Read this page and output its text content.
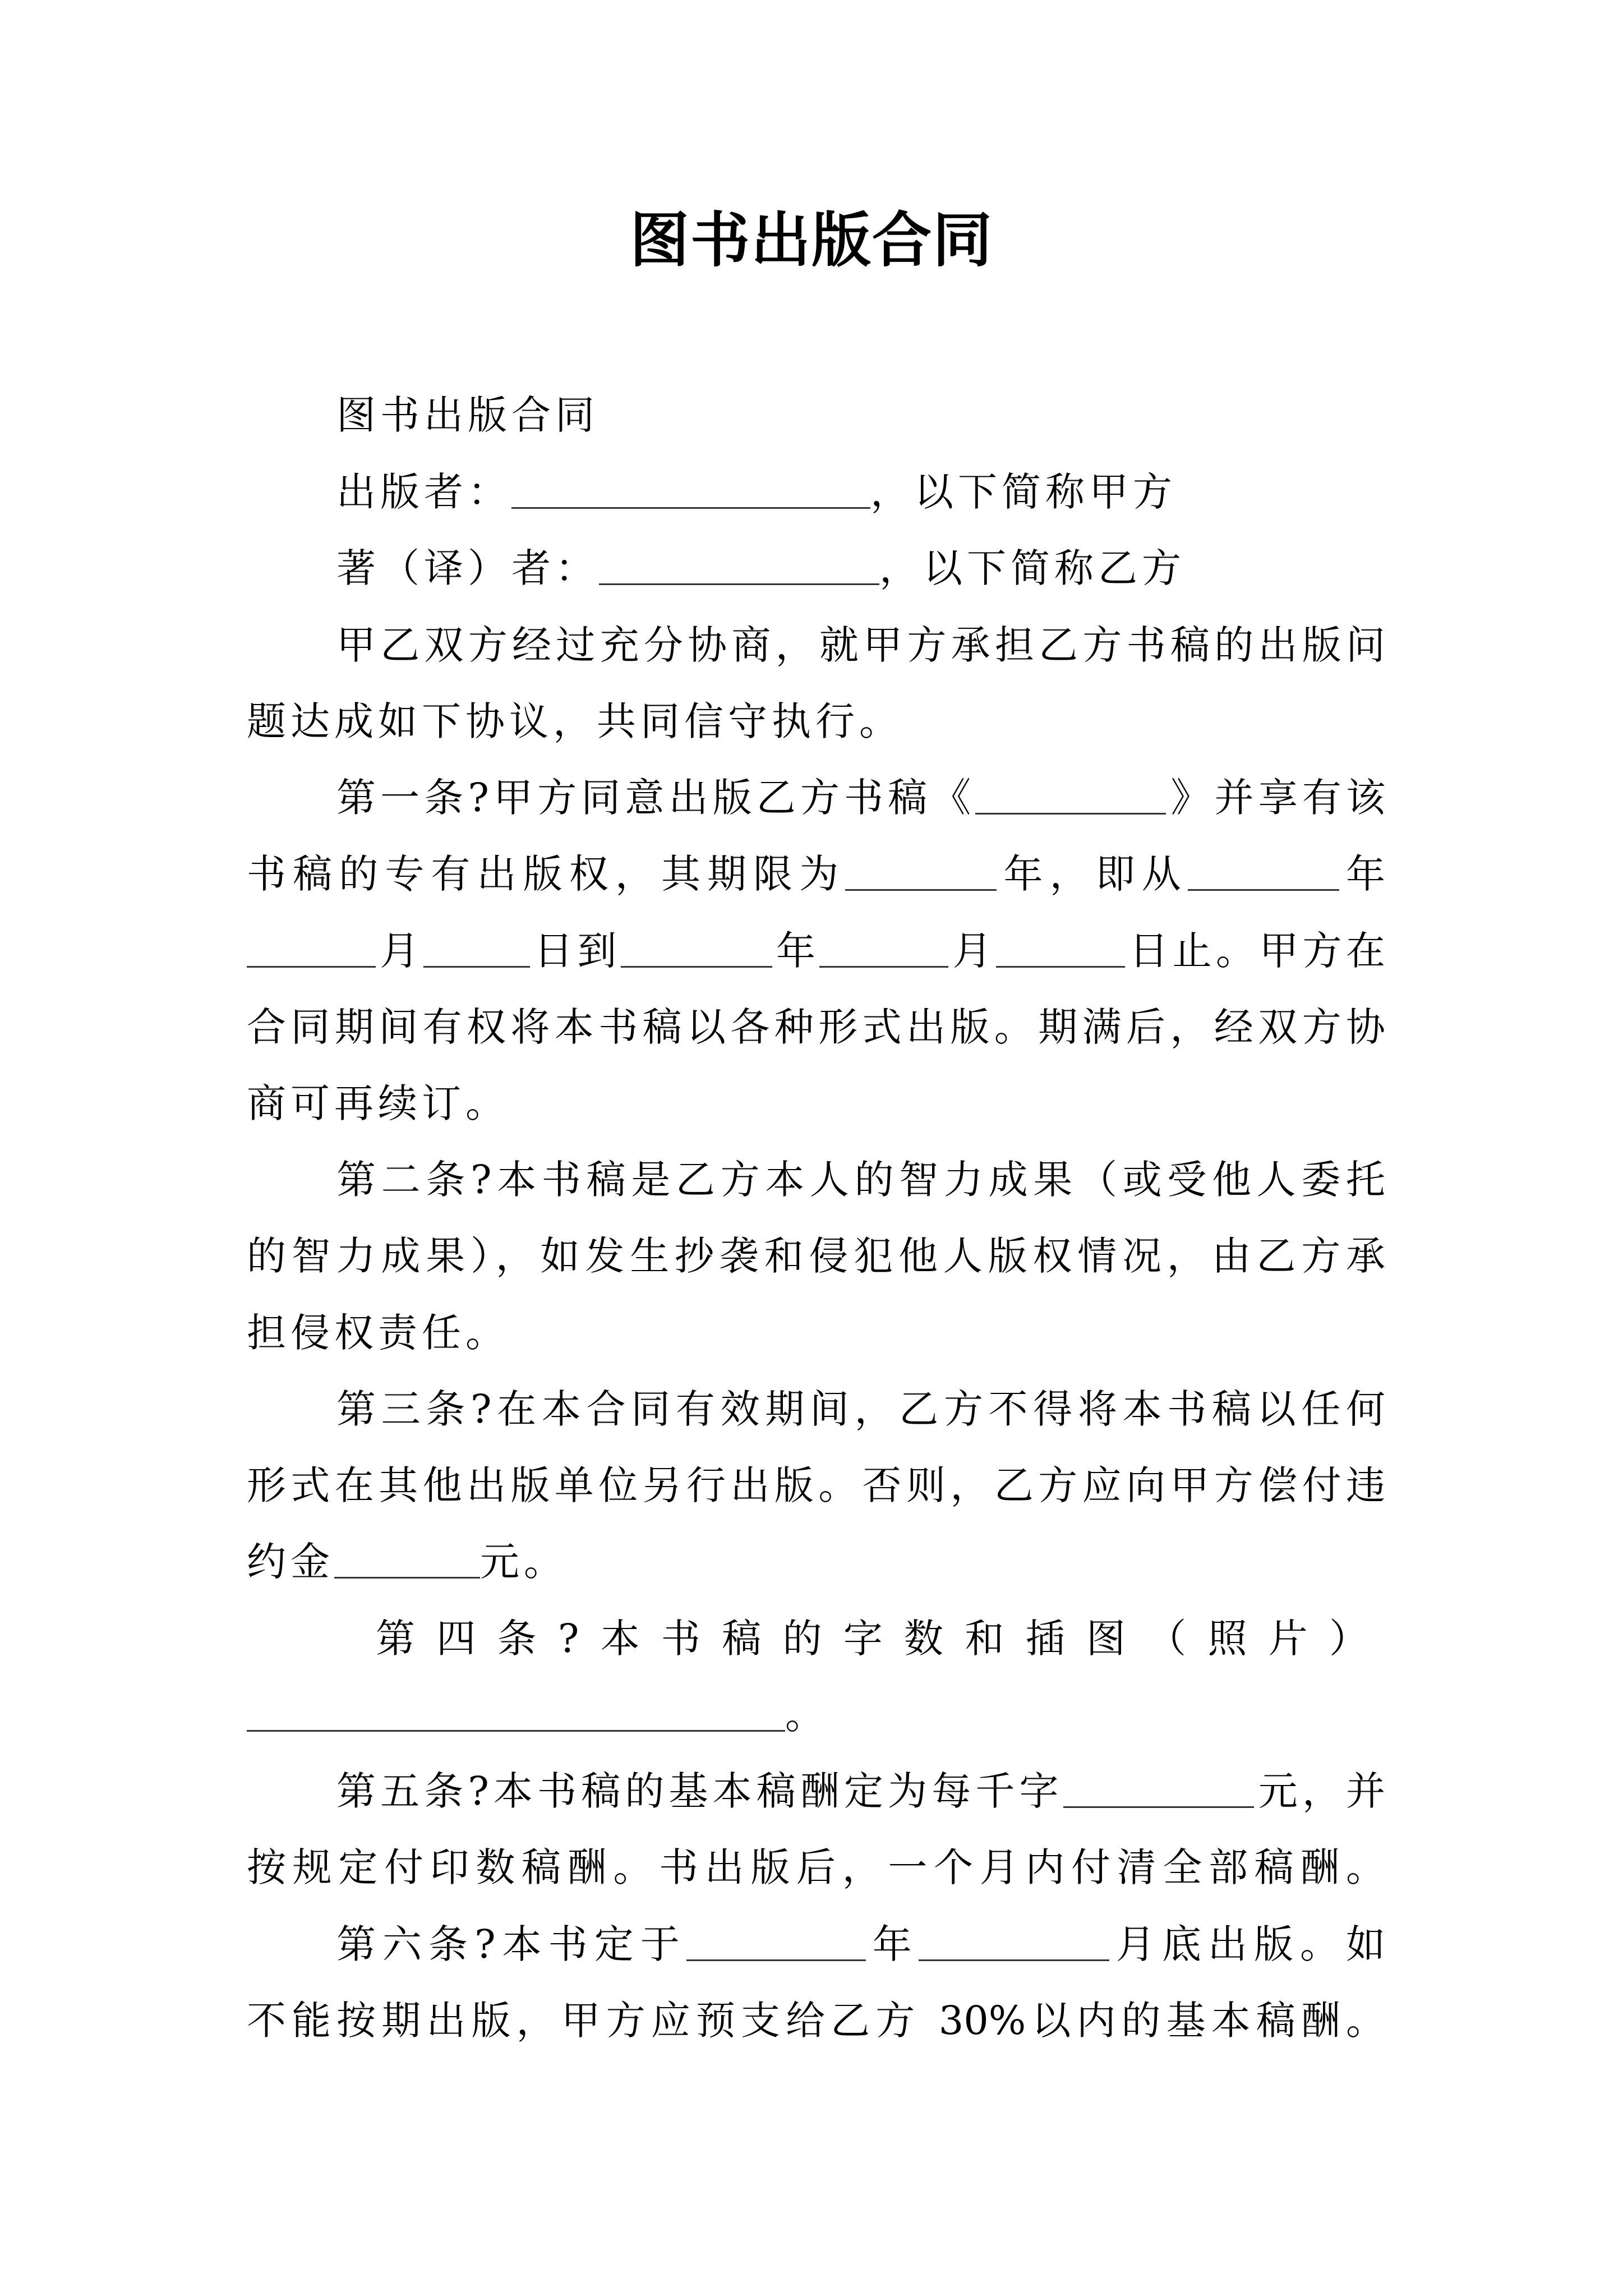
图书出版合同
图书出版合同
出版者：	，以下简称甲方
著（译）者：	，以下简称乙方
甲乙双方经过充分协商，就甲方承担乙方书稿的出版问
题达成如下协议，共同信守执行。
第一条?甲方同意出版乙方书稿《	》并享有该
书稿的专有出版权，其期限为	年，即从	年
月	日到	年	月	日止。甲方在
合同期间有权将本书稿以各种形式出版。期满后，经双方协
商可再续订。
第二条?本书稿是乙方本人的智力成果（或受他人委托
的智力成果），如发生抄袭和侵犯他人版权情况，由乙方承
担侵权责任。
第三条?在本合同有效期间，乙方不得将本书稿以任何
形式在其他出版单位另行出版。否则，乙方应向甲方偿付违
约金	元。
第四条?本书稿的字数和插图（照片）
。
第五条?本书稿的基本稿酬定为每千字	元，并
按规定付印数稿酬。书出版后，一个月内付清全部稿酬。
第六条?本书定于	年	月底出版。如
不能按期出版，甲方应预支给乙方 30%以内的基本稿酬。
